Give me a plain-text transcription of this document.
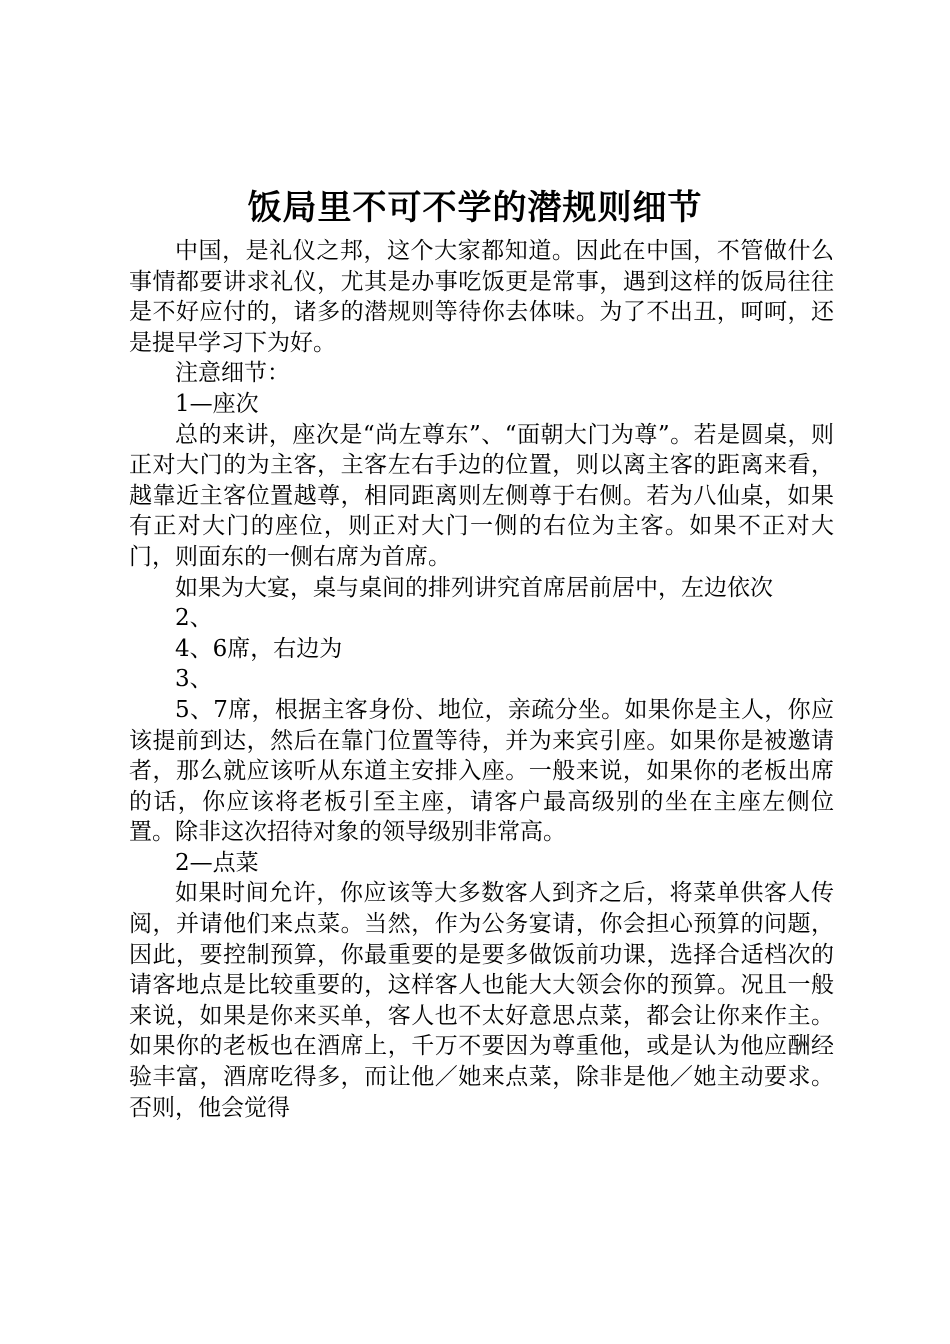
饭局里不可不学的潜规则细节

中国，是礼仪之邦，这个大家都知道。因此在中国，不管做什么事情都要讲求礼仪，尤其是办事吃饭更是常事，遇到这样的饭局往往是不好应付的，诸多的潜规则等待你去体味。为了不出丑，呵呵，还是提早学习下为好。

注意细节：

1—座次

总的来讲，座次是“尚左尊东”、“面朝大门为尊”。若是圆桌，则正对大门的为主客，主客左右手边的位置，则以离主客的距离来看，越靠近主客位置越尊，相同距离则左侧尊于右侧。若为八仙桌，如果有正对大门的座位，则正对大门一侧的右位为主客。如果不正对大门，则面东的一侧右席为首席。

如果为大宴，桌与桌间的排列讲究首席居前居中，左边依次

2、

4、6席，右边为

3、

5、7席，根据主客身份、地位，亲疏分坐。如果你是主人，你应该提前到达，然后在靠门位置等待，并为来宾引座。如果你是被邀请者，那么就应该听从东道主安排入座。一般来说，如果你的老板出席的话，你应该将老板引至主座，请客户最高级别的坐在主座左侧位置。除非这次招待对象的领导级别非常高。

2—点菜

如果时间允许，你应该等大多数客人到齐之后，将菜单供客人传阅，并请他们来点菜。当然，作为公务宴请，你会担心预算的问题，因此，要控制预算，你最重要的是要多做饭前功课，选择合适档次的请客地点是比较重要的，这样客人也能大大领会你的预算。况且一般来说，如果是你来买单，客人也不太好意思点菜，都会让你来作主。如果你的老板也在酒席上，千万不要因为尊重他，或是认为他应酬经验丰富，酒席吃得多，而让他／她来点菜，除非是他／她主动要求。否则，他会觉得
